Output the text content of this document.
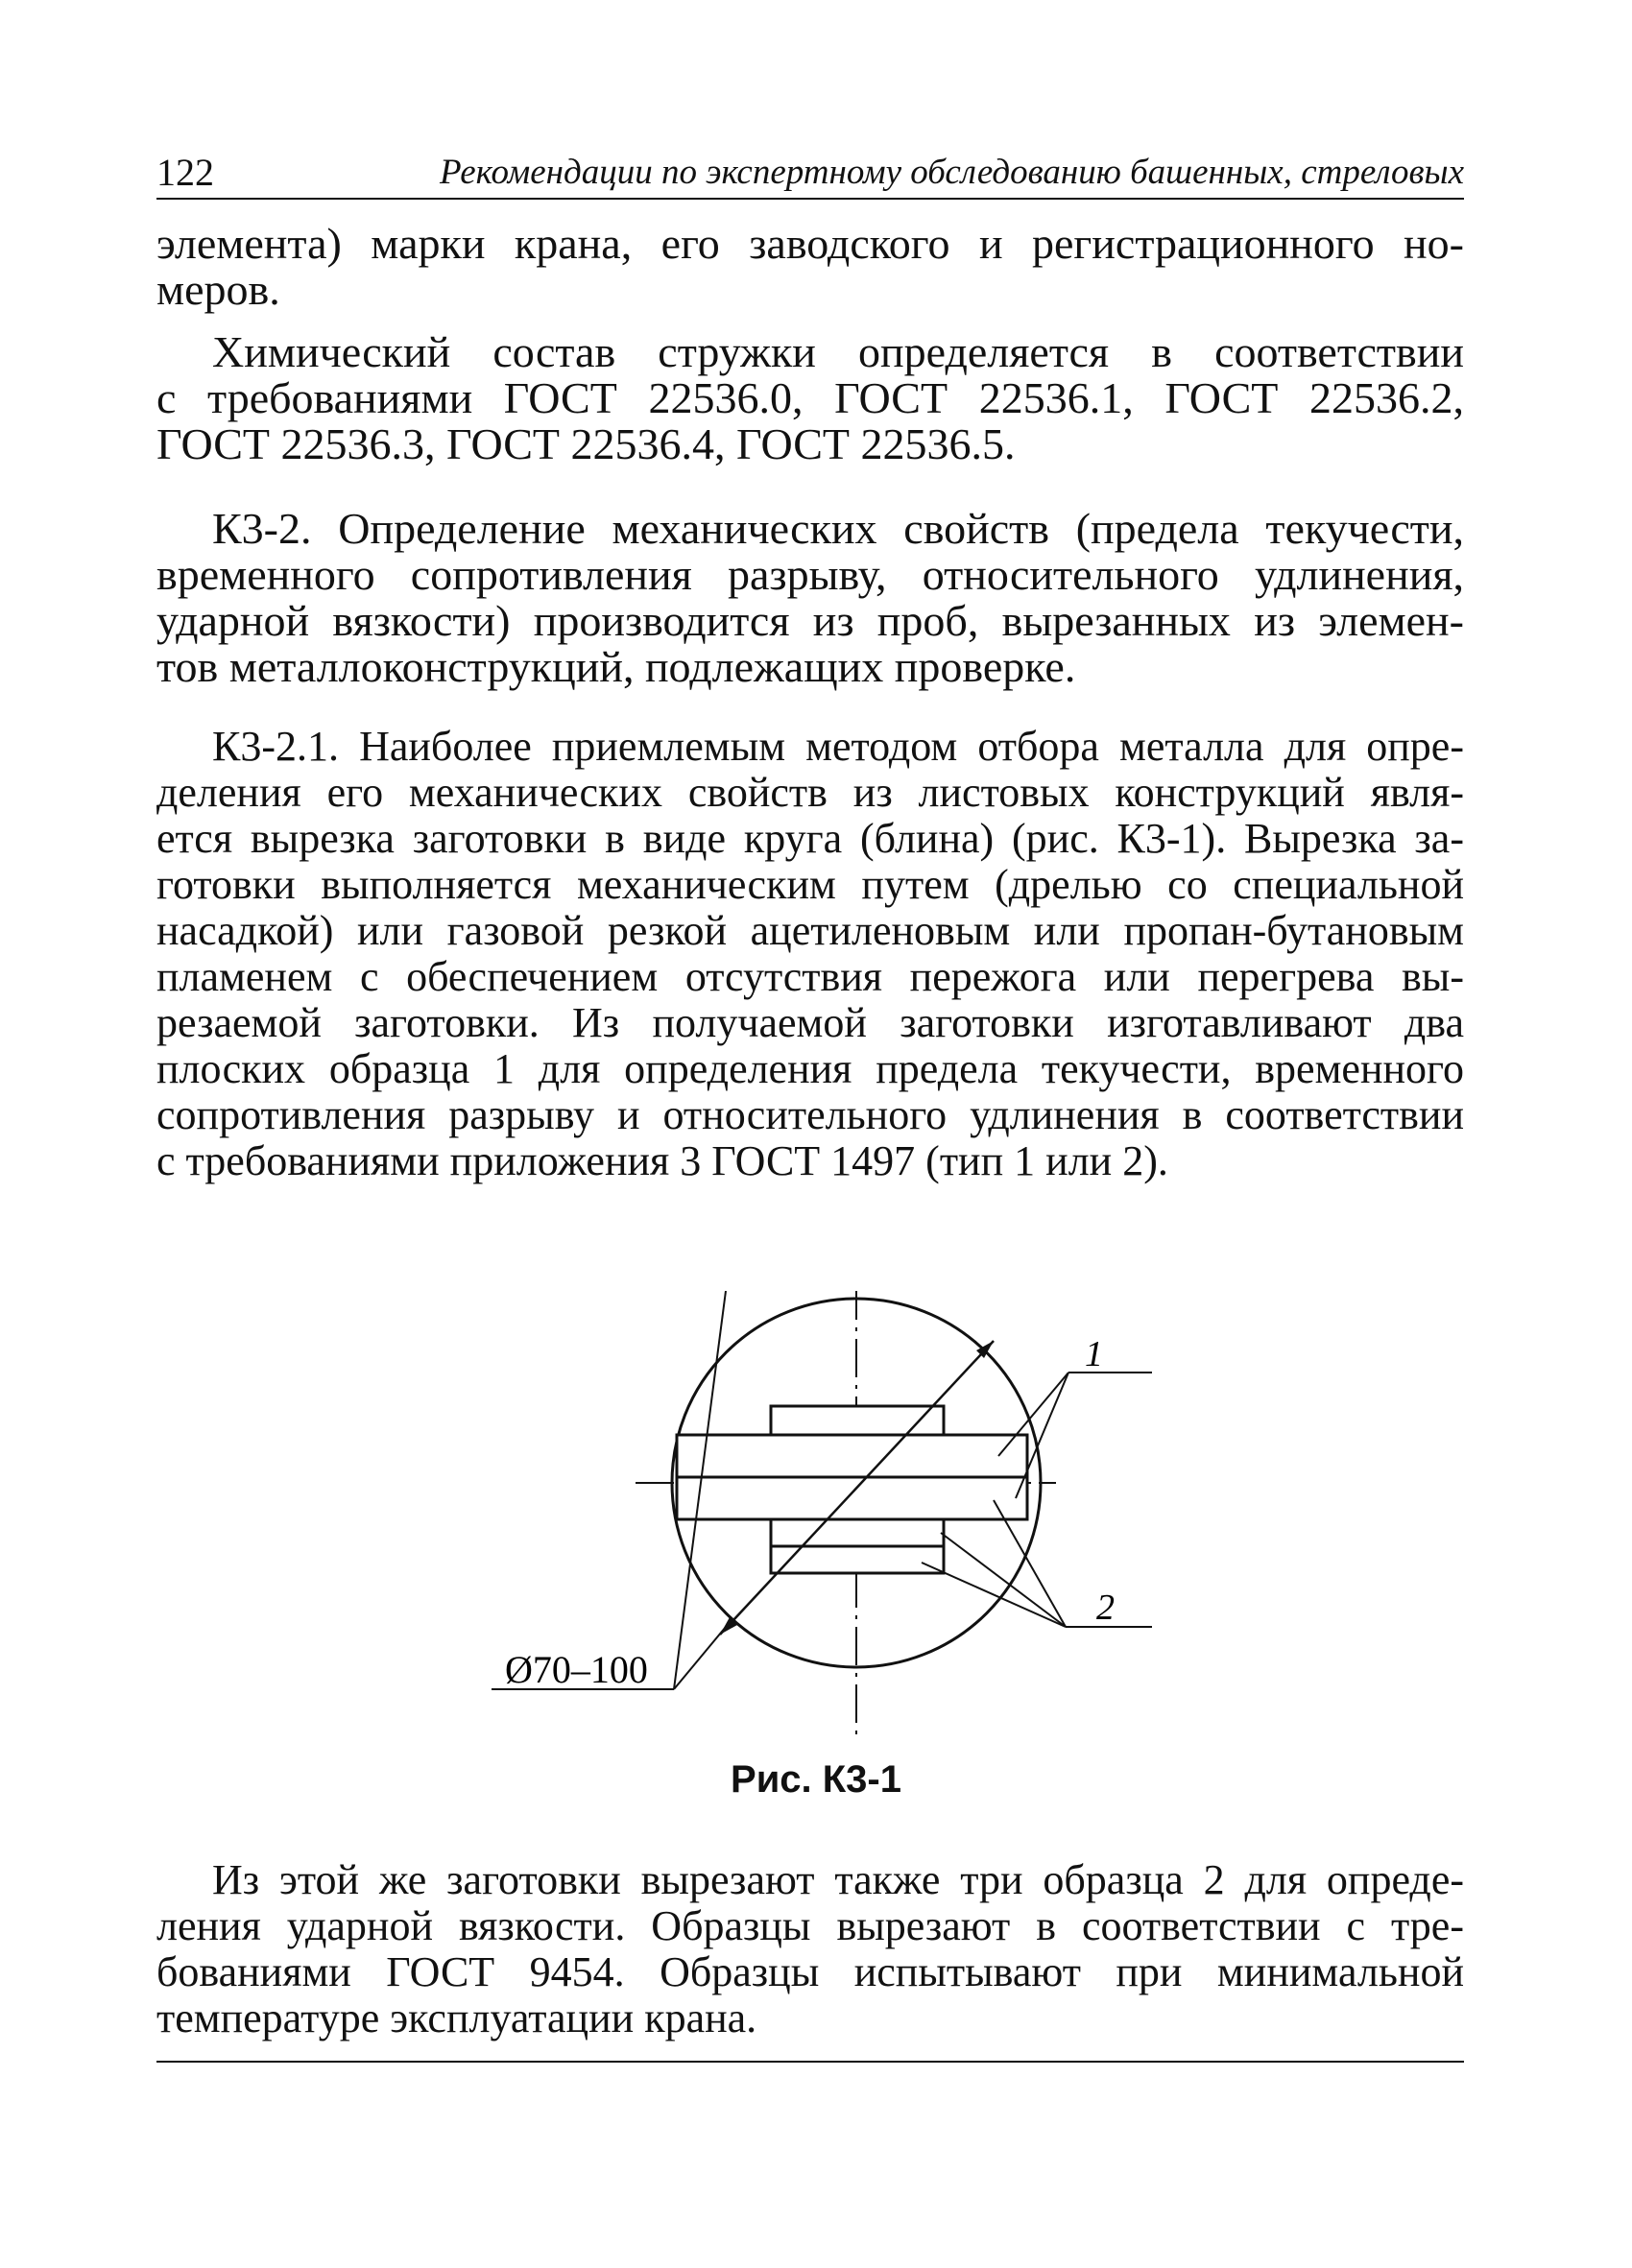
122	Рекомендации по экспертному обследованию башенных, стреловых
элемента) марки крана, его заводского и регистрационного но-
меров.
Химический состав стружки определяется в соответствии
с требованиями ГОСТ 22536.0, ГОСТ 22536.1, ГОСТ 22536.2,
ГОСТ 22536.3, ГОСТ 22536.4, ГОСТ 22536.5.
К3-2. Определение механических свойств (предела текучести,
временного сопротивления разрыву, относительного удлинения,
ударной вязкости) производится из проб, вырезанных из элемен-
тов металлоконструкций, подлежащих проверке.
К3-2.1. Наиболее приемлемым методом отбора металла для опре-
деления его механических свойств из листовых конструкций явля-
ется вырезка заготовки в виде круга (блина) (рис. К3-1). Вырезка за-
готовки выполняется механическим путем (дрелью со специальной
насадкой) или газовой резкой ацетиленовым или пропан-бутановым
пламенем с обеспечением отсутствия пережога или перегрева вы-
резаемой заготовки. Из получаемой заготовки изготавливают два
плоских образца 1 для определения предела текучести, временного
сопротивления разрыву и относительного удлинения в соответствии
с требованиями приложения 3 ГОСТ 1497 (тип 1 или 2).
Ø70–100
1
2
Рис. К3-1
Из этой же заготовки вырезают также три образца 2 для опреде-
ления ударной вязкости. Образцы вырезают в соответствии с тре-
бованиями ГОСТ 9454. Образцы испытывают при минимальной
температуре эксплуатации крана.
